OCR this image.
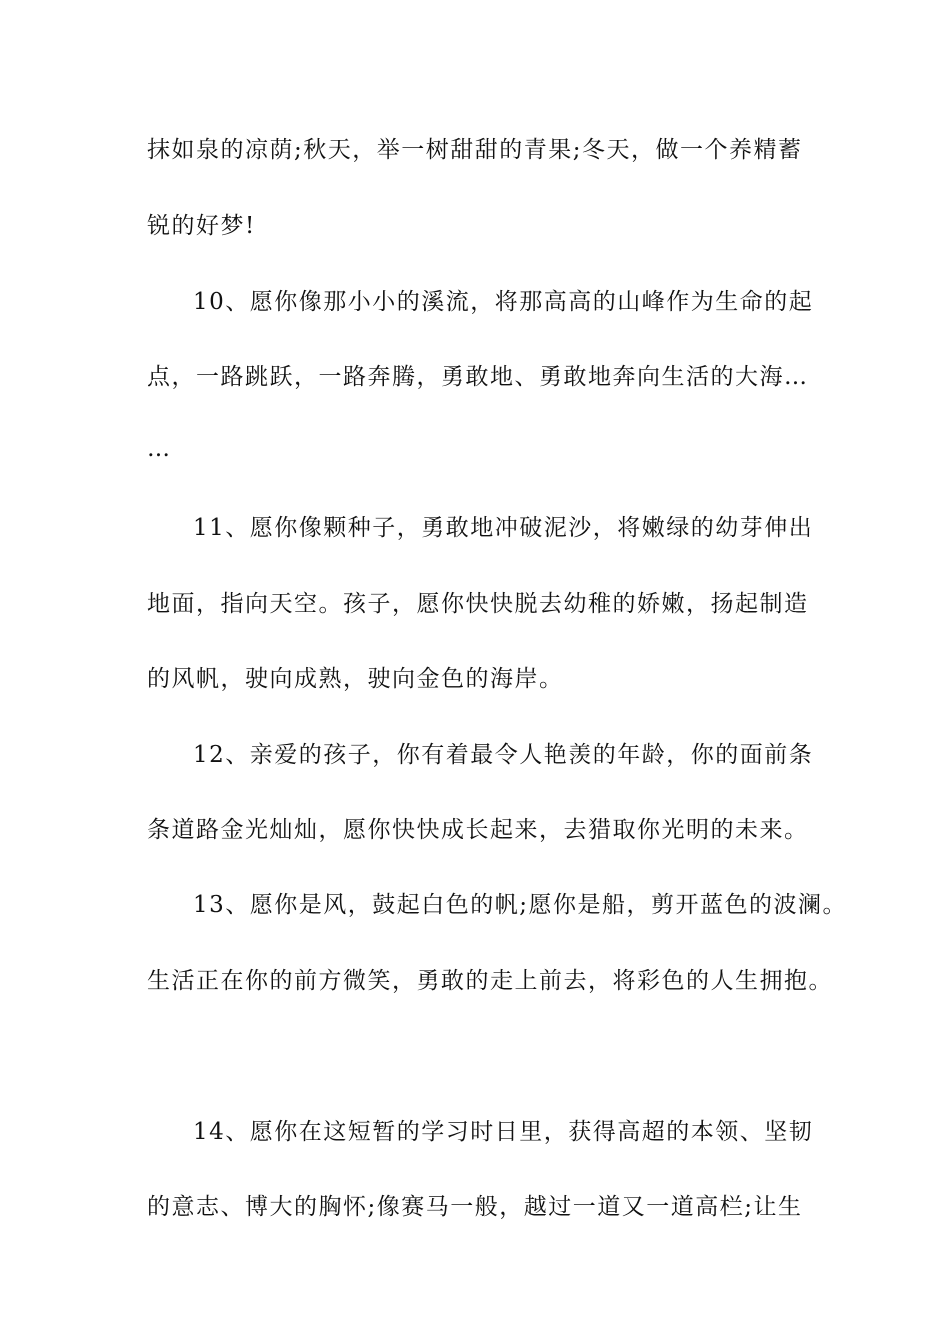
抹如泉的凉荫;秋天，举一树甜甜的青果;冬天，做一个养精蓄
锐的好梦!
10、愿你像那小小的溪流，将那高高的山峰作为生命的起
点，一路跳跃，一路奔腾，勇敢地、勇敢地奔向生活的大海…
…
11、愿你像颗种子，勇敢地冲破泥沙，将嫩绿的幼芽伸出
地面，指向天空。孩子，愿你快快脱去幼稚的娇嫩，扬起制造
的风帆，驶向成熟，驶向金色的海岸。
12、亲爱的孩子，你有着最令人艳羡的年龄，你的面前条
条道路金光灿灿，愿你快快成长起来，去猎取你光明的未来。
13、愿你是风，鼓起白色的帆;愿你是船，剪开蓝色的波澜。
生活正在你的前方微笑，勇敢的走上前去，将彩色的人生拥抱。
14、愿你在这短暂的学习时日里，获得高超的本领、坚韧
的意志、博大的胸怀;像赛马一般，越过一道又一道高栏;让生
